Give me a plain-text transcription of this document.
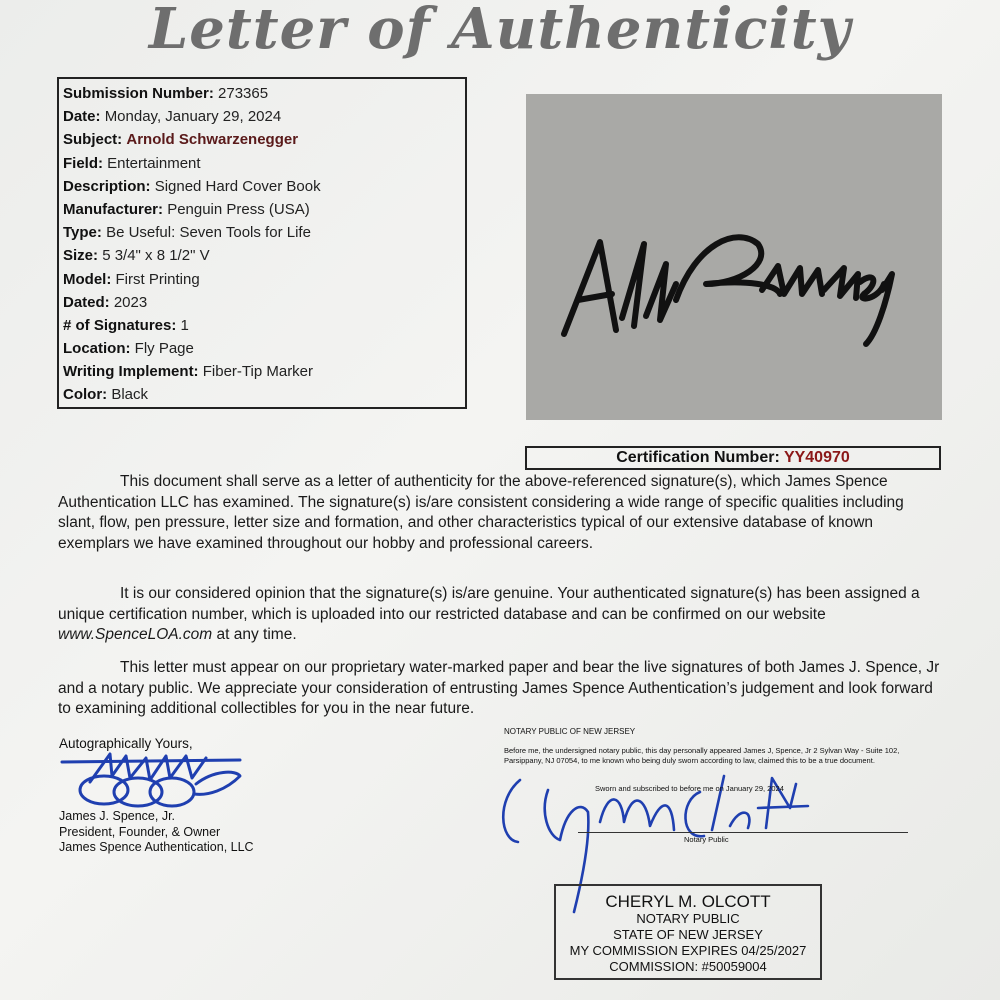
Letter of Authenticity
Submission Number: 273365
Date: Monday, January 29, 2024
Subject: Arnold Schwarzenegger
Field: Entertainment
Description: Signed Hard Cover Book
Manufacturer: Penguin Press (USA)
Type: Be Useful: Seven Tools for Life
Size: 5 3/4" x 8 1/2" V
Model: First Printing
Dated: 2023
# of Signatures: 1
Location: Fly Page
Writing Implement: Fiber-Tip Marker
Color: Black
Certification Number: YY40970
This document shall serve as a letter of authenticity for the above-referenced signature(s), which James Spence Authentication LLC has examined. The signature(s) is/are consistent considering a wide range of specific qualities including slant, flow, pen pressure, letter size and formation, and other characteristics typical of our extensive database of known exemplars we have examined throughout our hobby and professional careers.
It is our considered opinion that the signature(s) is/are genuine. Your authenticated signature(s) has been assigned a unique certification number, which is uploaded into our restricted database and can be confirmed on our website www.SpenceLOA.com at any time.
This letter must appear on our proprietary water-marked paper and bear the live signatures of both James J. Spence, Jr and a notary public. We appreciate your consideration of entrusting James Spence Authentication’s judgement and look forward to examining additional collectibles for you in the near future.
Autographically Yours,
James J. Spence, Jr.
President, Founder, & Owner
James Spence Authentication, LLC
NOTARY PUBLIC OF NEW JERSEY
Before me, the undersigned notary public, this day personally appeared James J, Spence, Jr 2 Sylvan Way - Suite 102, Parsippany, NJ 07054, to me known who being duly sworn according to law, claimed this to be a true document.
Sworn and subscribed to before me on January 29, 2024
Notary Public
CHERYL M. OLCOTT
NOTARY PUBLIC
STATE OF NEW JERSEY
MY COMMISSION EXPIRES 04/25/2027
COMMISSION: #50059004
